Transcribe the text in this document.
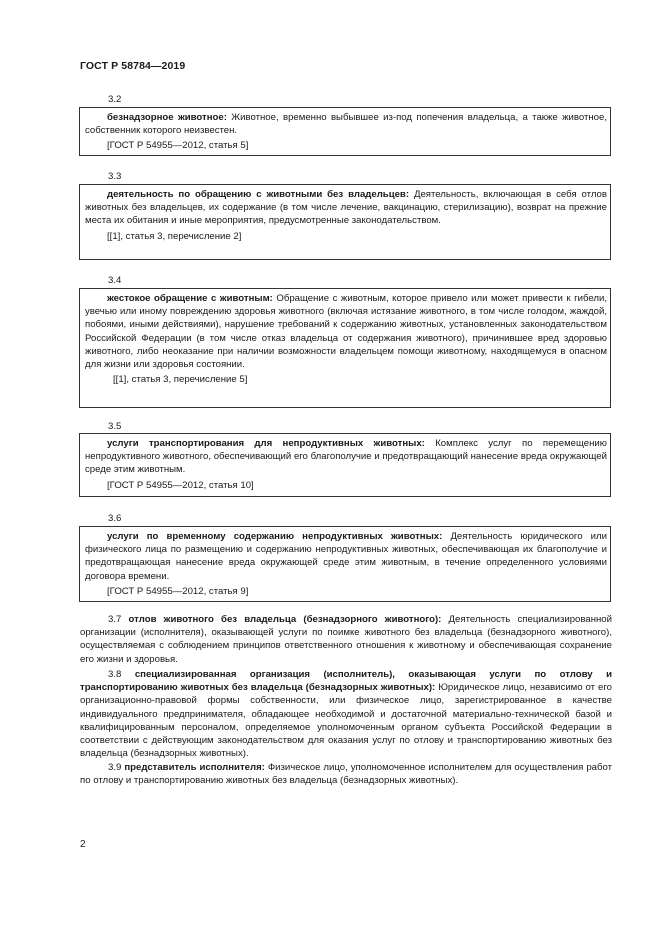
ГОСТ Р 58784—2019
3.2

безнадзорное животное: Животное, временно выбывшее из-под попечения владельца, а также животное, собственник которого неизвестен.

[ГОСТ Р 54955—2012, статья 5]

3.3

деятельность по обращению с животными без владельцев: Деятельность, включающая в себя отлов животных без владельцев, их содержание (в том числе лечение, вакцинацию, стерилизацию), возврат на прежние места их обитания и иные мероприятия, предусмотренные законодательством.

[[1], статья 3, перечисление 2]

3.4

жестокое обращение с животным: Обращение с животным, которое привело или может привести к гибели, увечью или иному повреждению здоровья животного (включая истязание животного, в том числе голодом, жаждой, побоями, иными действиями), нарушение требований к содержанию животных, установленных законодательством Российской Федерации (в том числе отказ владельца от содержания животного), причинившее вред здоровью животного, либо неоказание при наличии возможности владельцем помощи животному, находящемуся в опасном для жизни или здоровья состоянии.

[[1], статья 3, перечисление 5]

3.5

услуги транспортирования для непродуктивных животных: Комплекс услуг по перемещению непродуктивного животного, обеспечивающий его благополучие и предотвращающий нанесение вреда окружающей среде этим животным.

[ГОСТ Р 54955—2012, статья 10]

3.6

услуги по временному содержанию непродуктивных животных: Деятельность юридического или физического лица по размещению и содержанию непродуктивных животных, обеспечивающая их благополучие и предотвращающая нанесение вреда окружающей среде этим животным, в течение определенного условиями договора времени.

[ГОСТ Р 54955—2012, статья 9]

3.7 отлов животного без владельца (безнадзорного животного): Деятельность специализированной организации (исполнителя), оказывающей услуги по поимке животного без владельца (безнадзорного животного), осуществляемая с соблюдением принципов ответственного отношения к животному и обеспечивающая сохранение его жизни и здоровья.

3.8 специализированная организация (исполнитель), оказывающая услуги по отлову и транспортированию животных без владельца (безнадзорных животных): Юридическое лицо, независимо от его организационно-правовой формы собственности, или физическое лицо, зарегистрированное в качестве индивидуального предпринимателя, обладающее необходимой и достаточной материально-технической базой и квалифицированным персоналом, определяемое уполномоченным органом субъекта Российской Федерации в соответствии с действующим законодательством для оказания услуг по отлову и транспортированию животных без владельца (безнадзорных животных).

3.9 представитель исполнителя: Физическое лицо, уполномоченное исполнителем для осуществления работ по отлову и транспортированию животных без владельца (безнадзорных животных).

2
